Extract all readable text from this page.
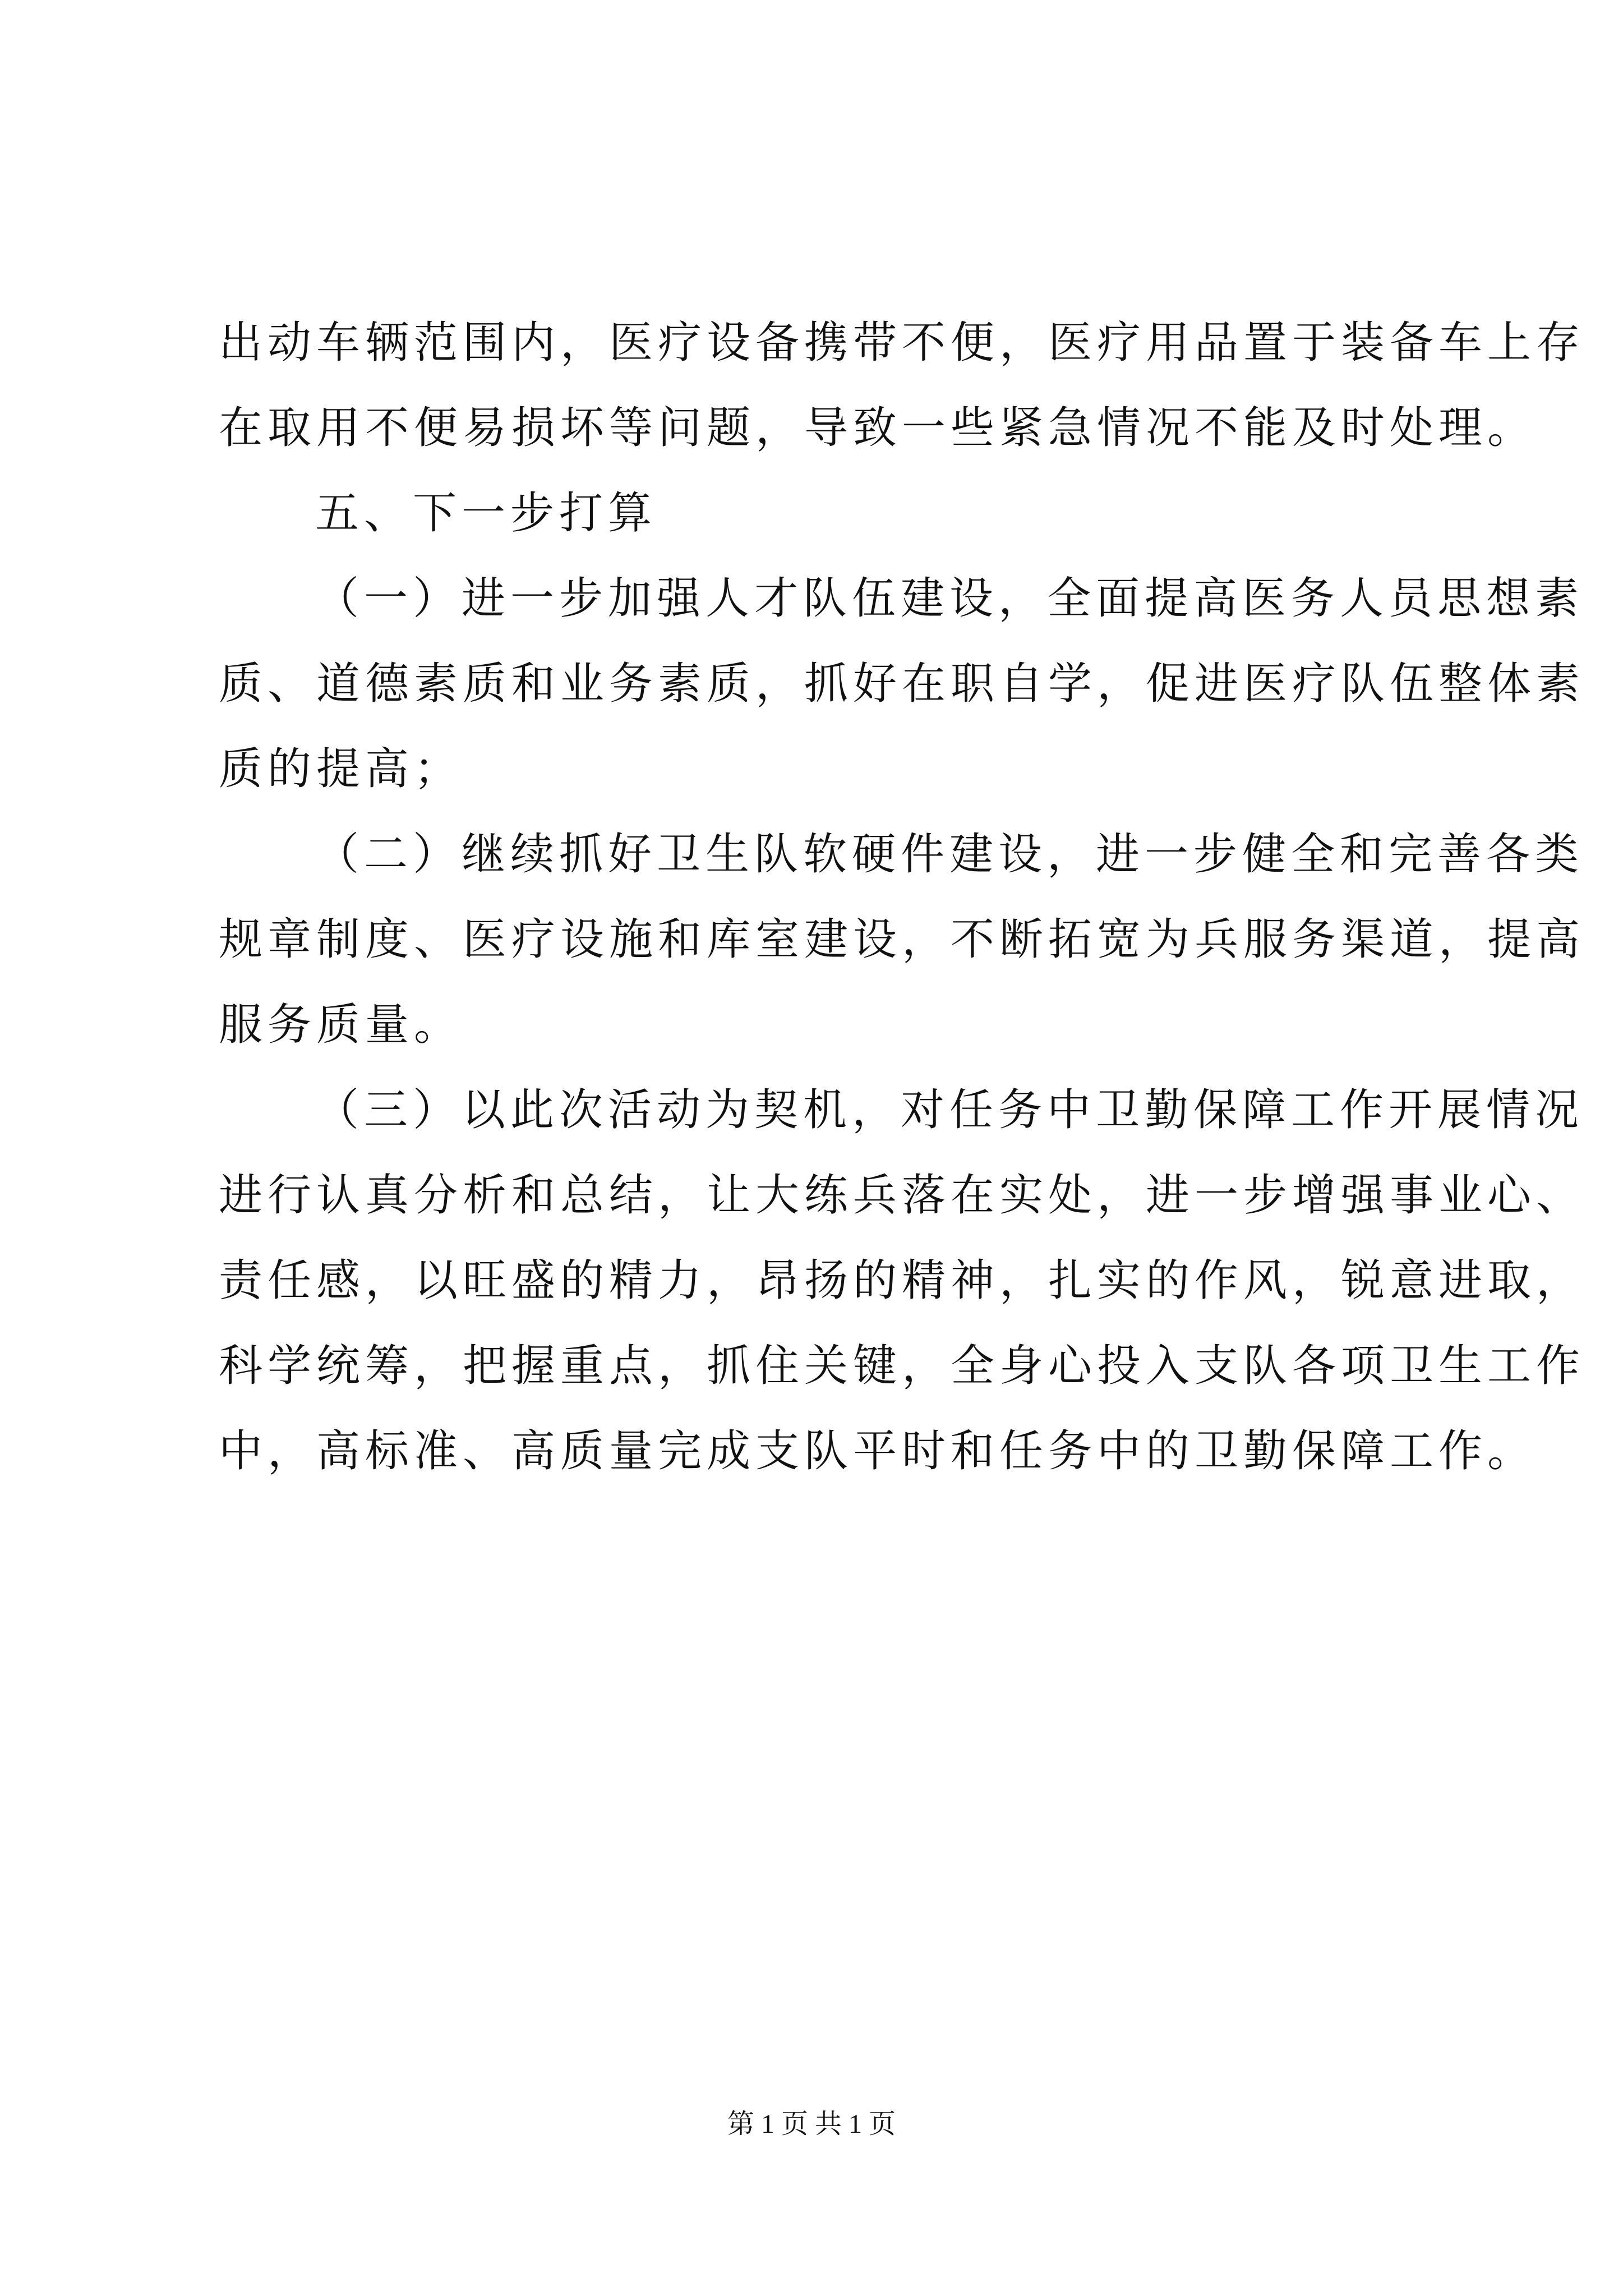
出动车辆范围内，医疗设备携带不便，医疗用品置于装备车上存
在取用不便易损坏等问题，导致一些紧急情况不能及时处理。
五、下一步打算
（一）进一步加强人才队伍建设，全面提高医务人员思想素
质、道德素质和业务素质，抓好在职自学，促进医疗队伍整体素
质的提高；
（二）继续抓好卫生队软硬件建设，进一步健全和完善各类
规章制度、医疗设施和库室建设，不断拓宽为兵服务渠道，提高
服务质量。
（三）以此次活动为契机，对任务中卫勤保障工作开展情况
进行认真分析和总结，让大练兵落在实处，进一步增强事业心、
责任感，以旺盛的精力，昂扬的精神，扎实的作风，锐意进取，
科学统筹，把握重点，抓住关键，全身心投入支队各项卫生工作
中，高标准、高质量完成支队平时和任务中的卫勤保障工作。
第 1 页 共 1 页
